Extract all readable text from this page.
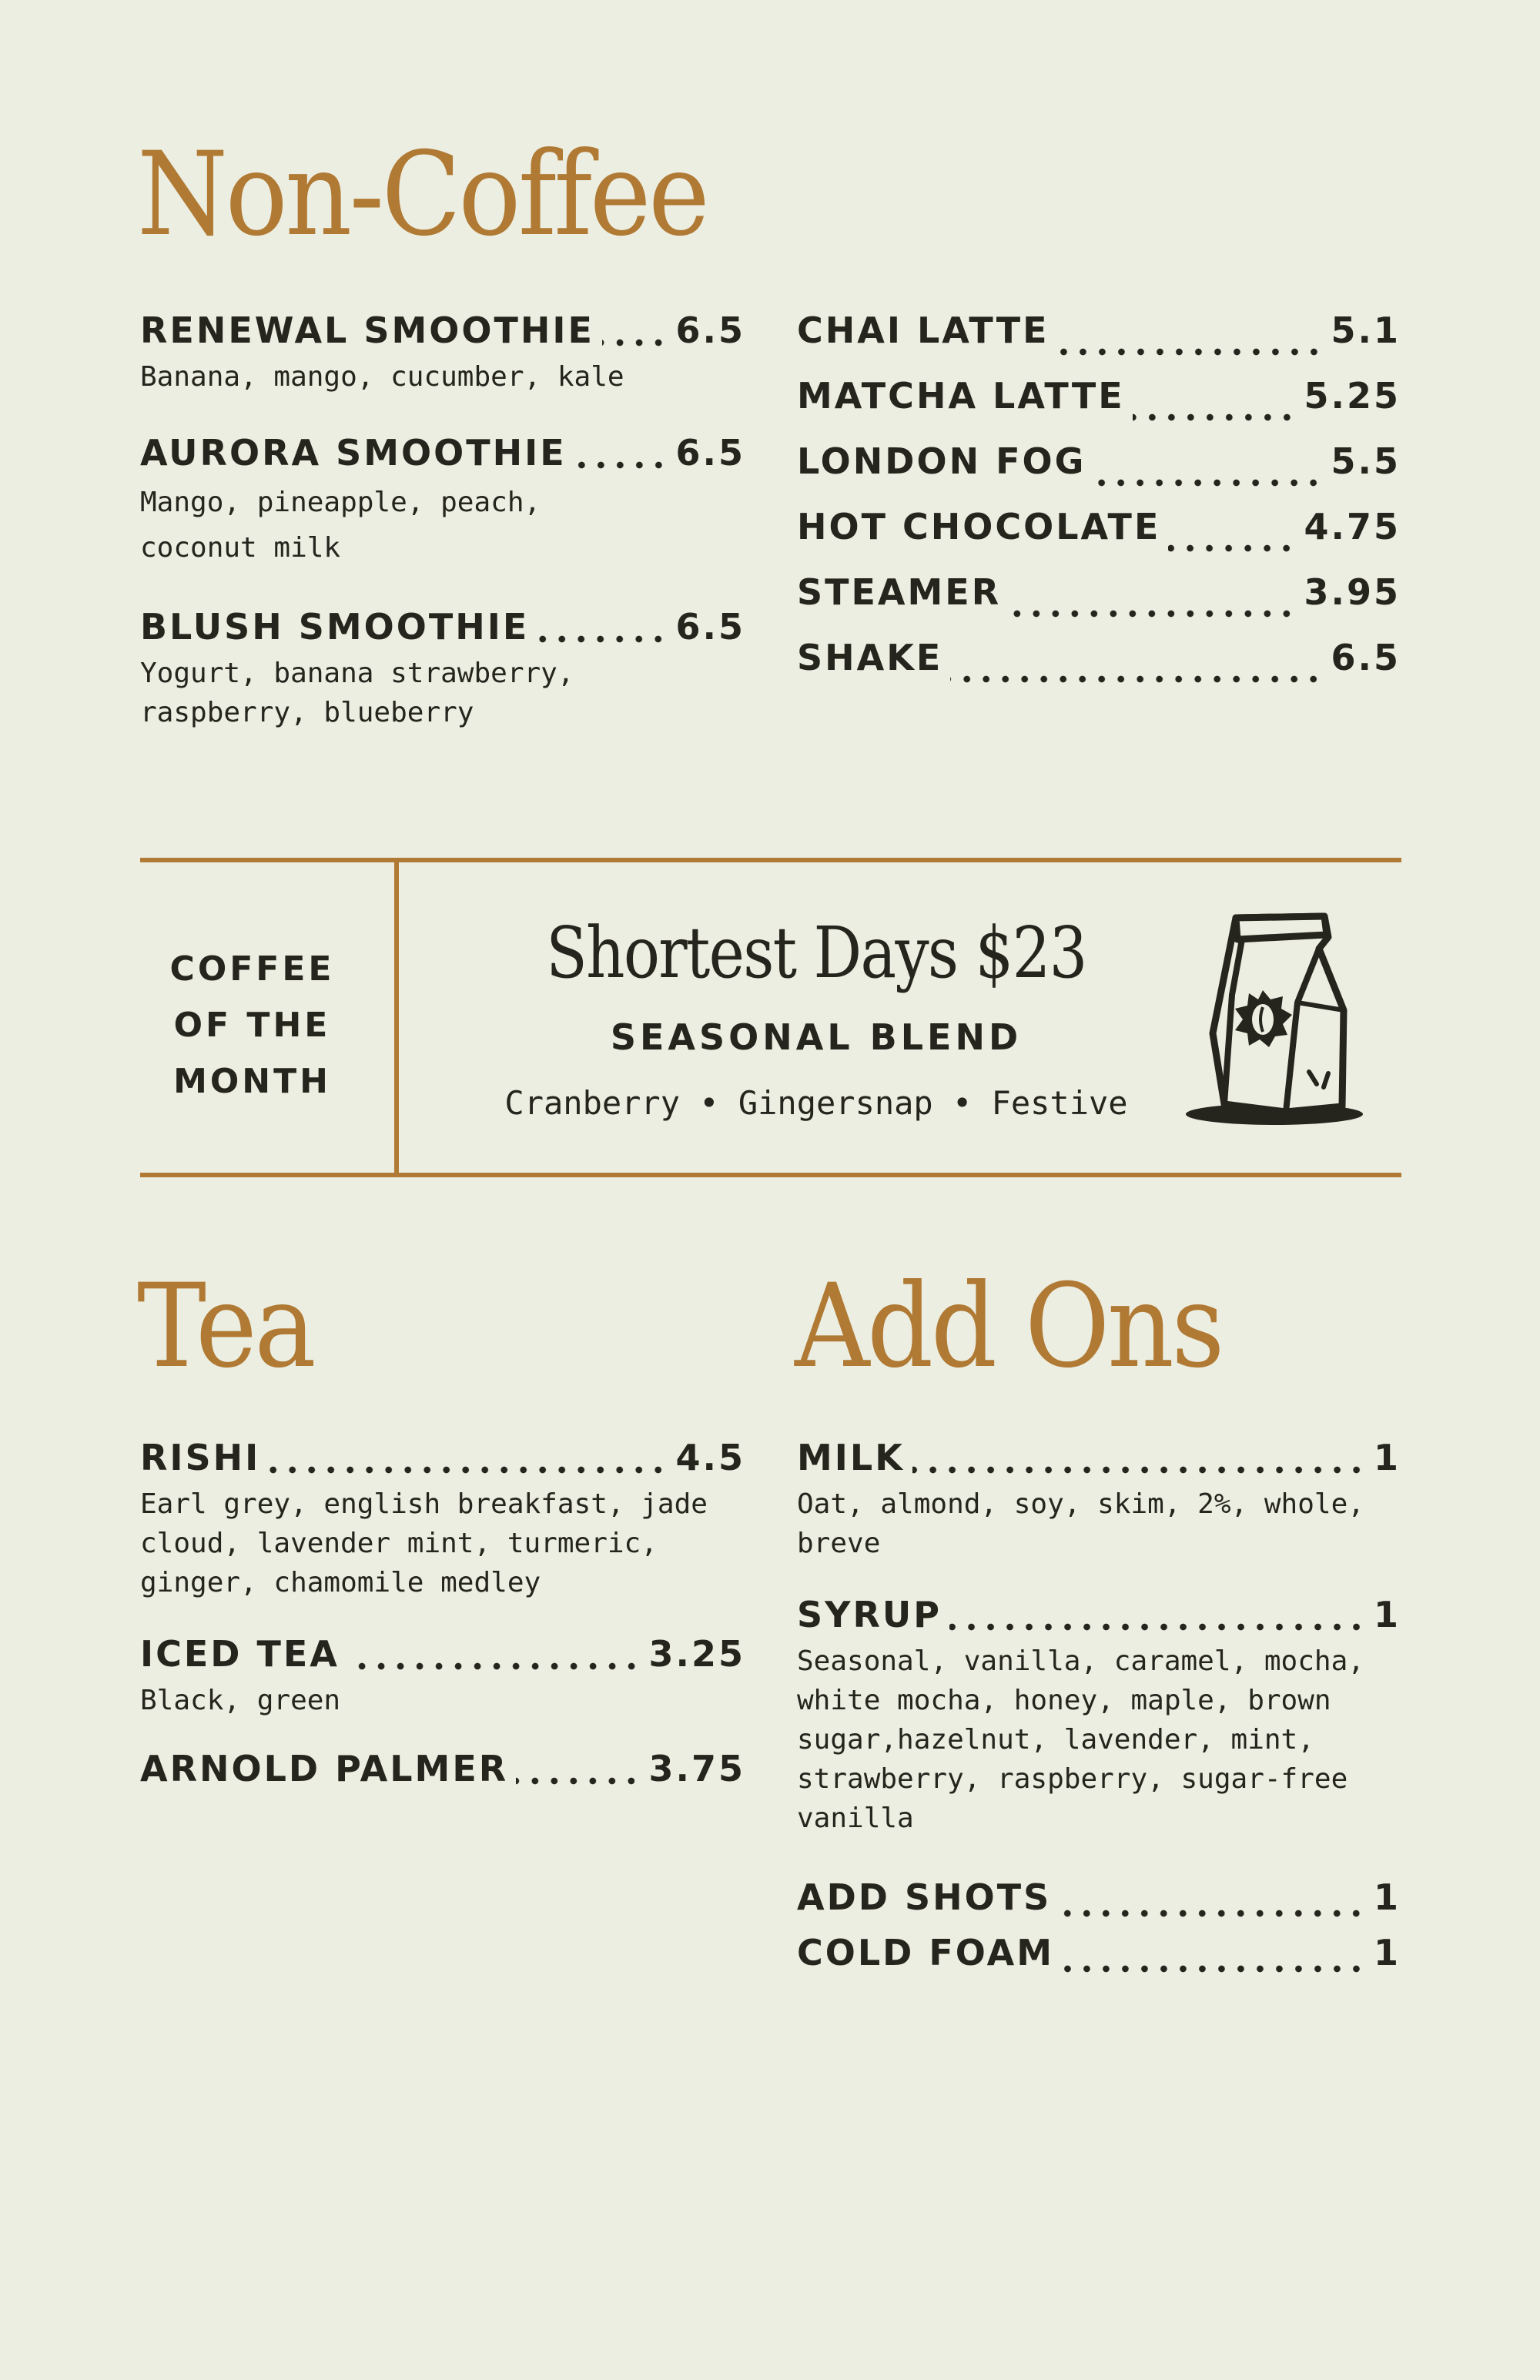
Non-Coffee
RENEWAL SMOOTHIE 6.5

Banana, mango, cucumber, kale

AURORA SMOOTHIE	6.5

Mango, pineapple, peach, coconut milk

BLUSH SMOOTHIE	6.5

Yogurt, banana strawberry, raspberry, blueberry

CHAI LATTE	5.1
MATCHA LATTE	5.25
LONDON FOG	5.5
HOT CHOCOLATE	4.75
STEAMER	3.95
SHAKE	6.5
COFFEE
OF THE
MONTH
Shortest Days $23
SEASONAL BLEND
Cranberry • Gingersnap • Festive
Tea
RISHI	4.5

Earl grey, english breakfast, jade cloud, lavender mint, turmeric, ginger, chamomile medley

ICED TEA	3.25

Black, green

ARNOLD PALMER	3.75
Add Ons
MILK	1

Oat, almond, soy, skim, 2%, whole, breve

SYRUP	1

Seasonal, vanilla, caramel, mocha, white mocha, honey, maple, brown sugar,hazelnut, lavender, mint, strawberry, raspberry, sugar-free vanilla

ADD SHOTS	1
COLD FOAM	1
